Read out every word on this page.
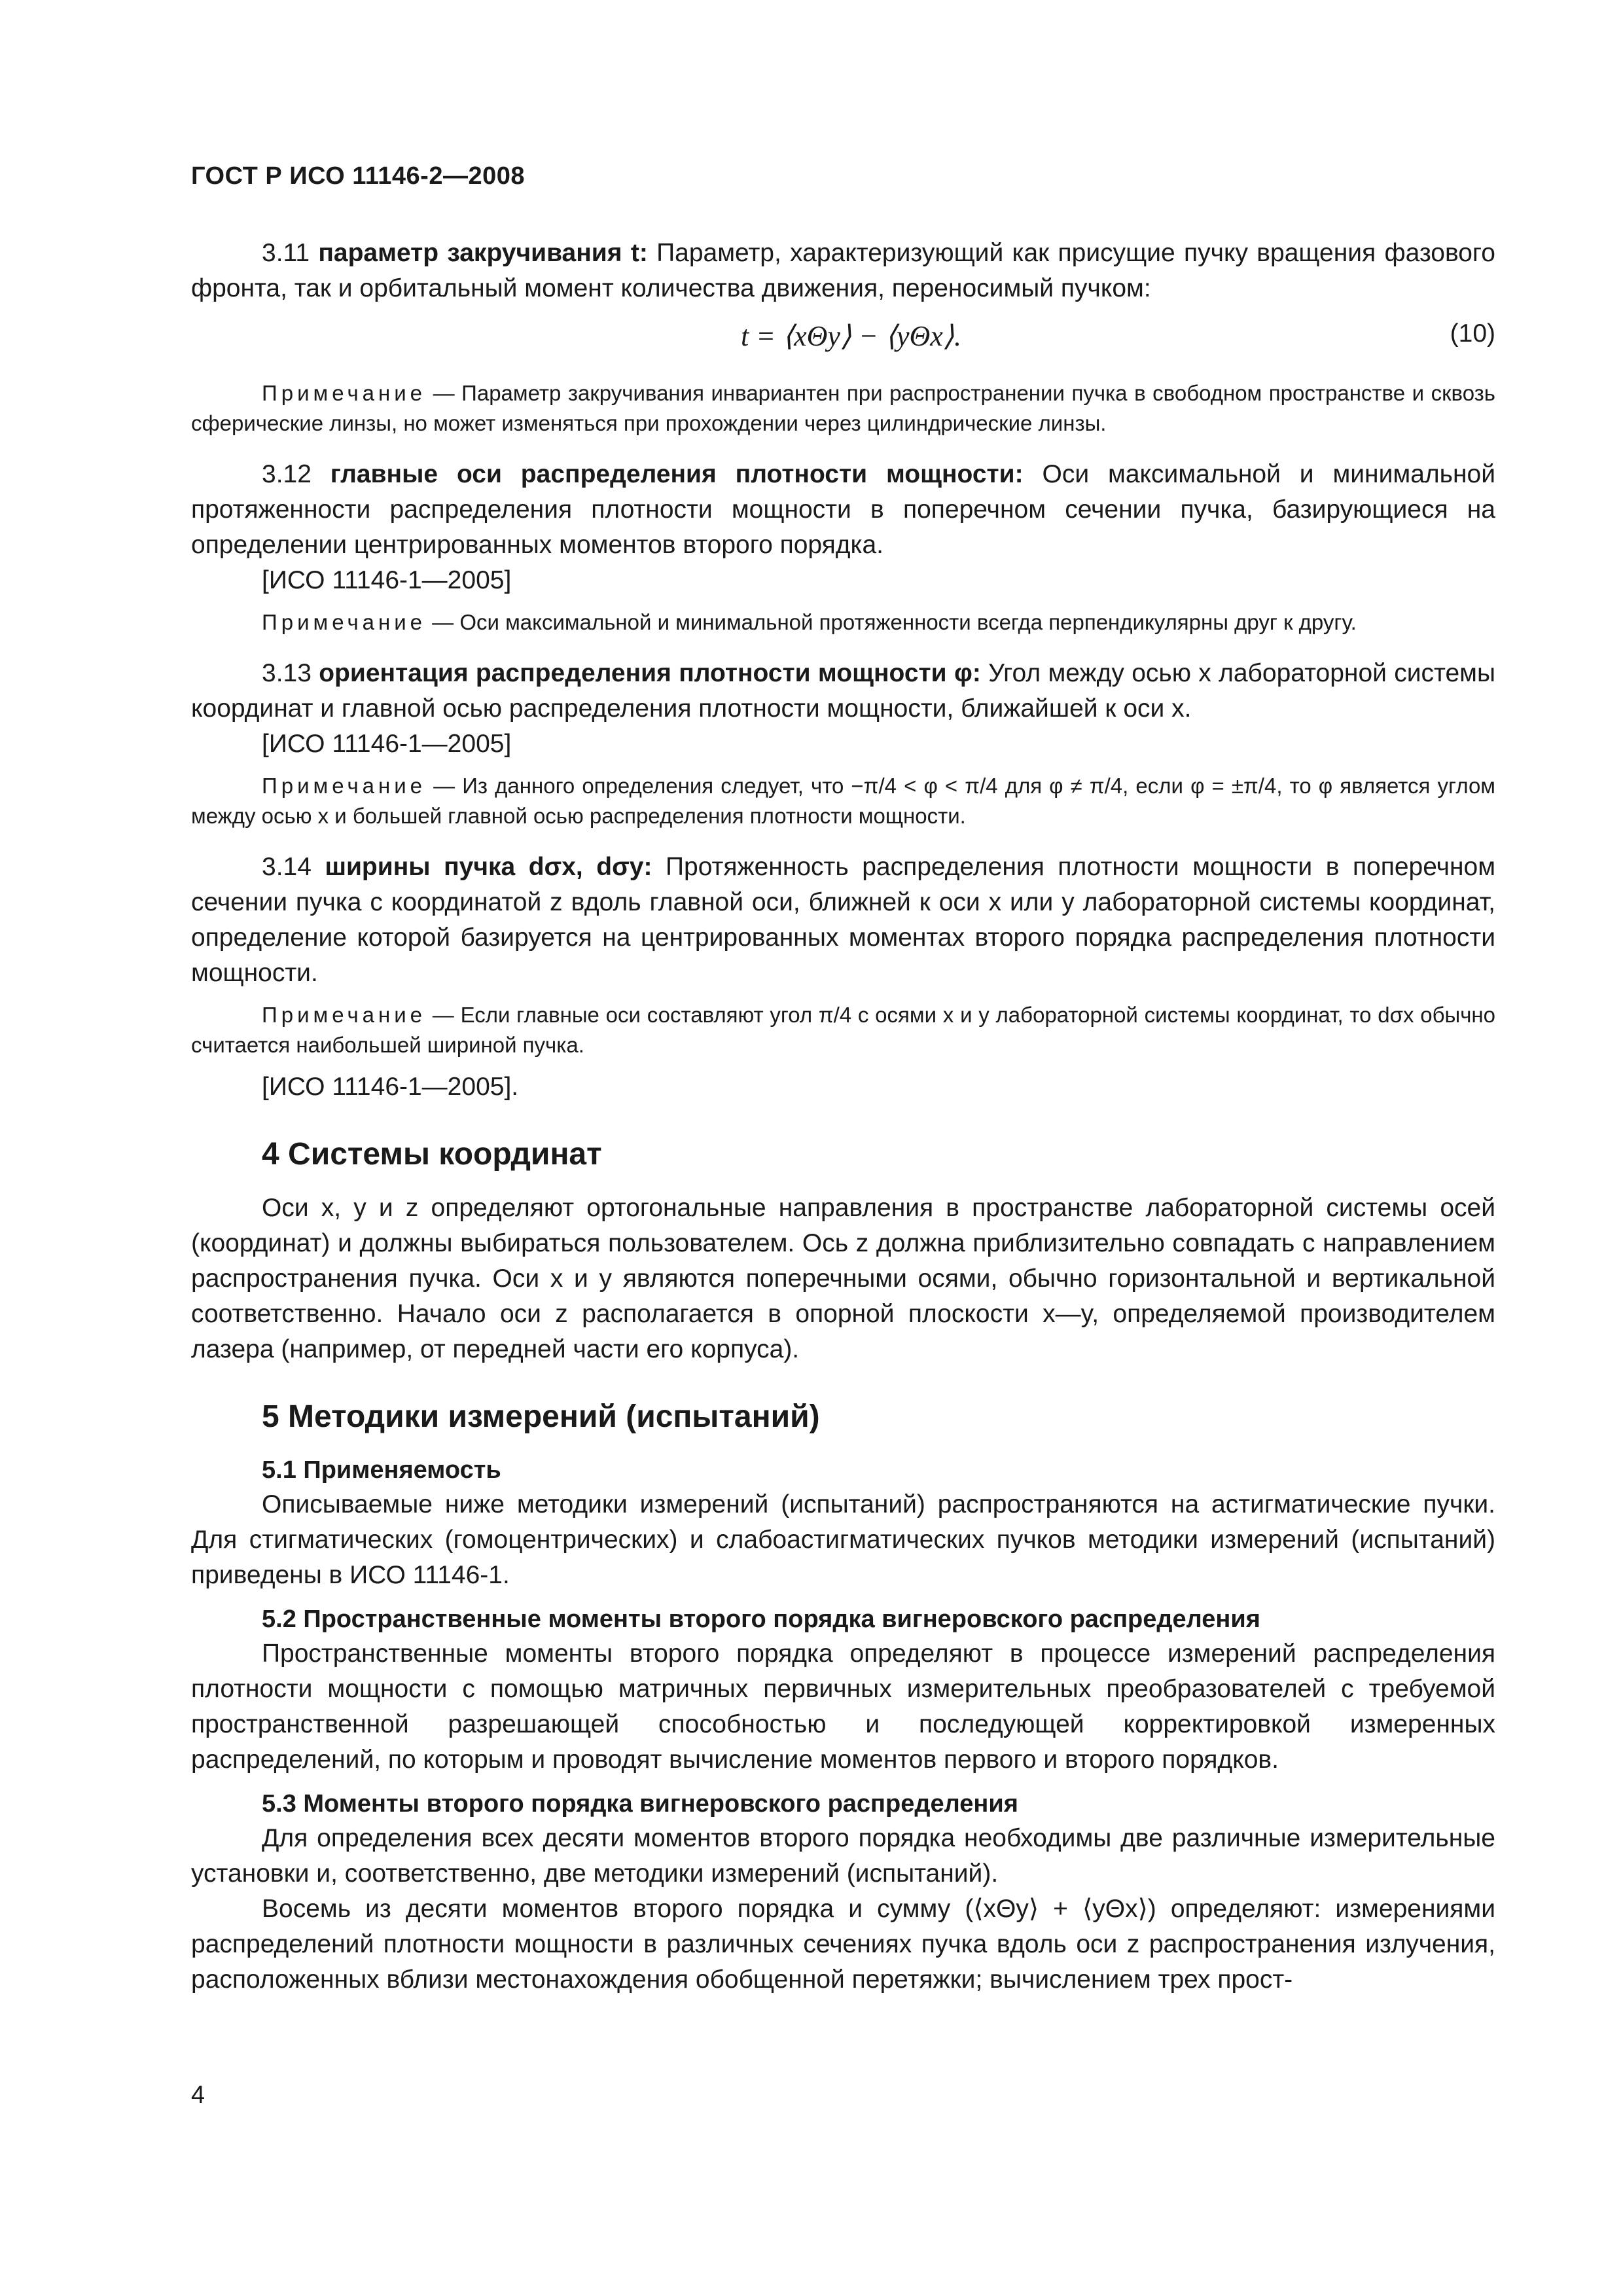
ГОСТ Р ИСО 11146-2—2008

3.11 параметр закручивания t: Параметр, характеризующий как присущие пучку вращения фазового фронта, так и орбитальный момент количества движения, переносимый пучком:

t = ⟨xΘy⟩ − ⟨yΘx⟩.	(10)

Примечание — Параметр закручивания инвариантен при распространении пучка в свободном пространстве и сквозь сферические линзы, но может изменяться при прохождении через цилиндрические линзы.

3.12 главные оси распределения плотности мощности: Оси максимальной и минимальной протяженности распределения плотности мощности в поперечном сечении пучка, базирующиеся на определении центрированных моментов второго порядка.

[ИСО 11146-1—2005]

Примечание — Оси максимальной и минимальной протяженности всегда перпендикулярны друг к другу.

3.13 ориентация распределения плотности мощности φ: Угол между осью x лабораторной системы координат и главной осью распределения плотности мощности, ближайшей к оси x.

[ИСО 11146-1—2005]

Примечание — Из данного определения следует, что −π/4 < φ < π/4 для φ ≠ π/4, если φ = ±π/4, то φ является углом между осью x и большей главной осью распределения плотности мощности.

3.14 ширины пучка dσx, dσy: Протяженность распределения плотности мощности в поперечном сечении пучка с координатой z вдоль главной оси, ближней к оси x или y лабораторной системы координат, определение которой базируется на центрированных моментах второго порядка распределения плотности мощности.

Примечание — Если главные оси составляют угол π/4 с осями x и y лабораторной системы координат, то dσx обычно считается наибольшей шириной пучка.

[ИСО 11146-1—2005].

4 Системы координат

Оси x, y и z определяют ортогональные направления в пространстве лабораторной системы осей (координат) и должны выбираться пользователем. Ось z должна приблизительно совпадать с направлением распространения пучка. Оси x и y являются поперечными осями, обычно горизонтальной и вертикальной соответственно. Начало оси z располагается в опорной плоскости x—y, определяемой производителем лазера (например, от передней части его корпуса).

5 Методики измерений (испытаний)

5.1 Применяемость

Описываемые ниже методики измерений (испытаний) распространяются на астигматические пучки. Для стигматических (гомоцентрических) и слабоастигматических пучков методики измерений (испытаний) приведены в ИСО 11146-1.

5.2 Пространственные моменты второго порядка вигнеровского распределения

Пространственные моменты второго порядка определяют в процессе измерений распределения плотности мощности с помощью матричных первичных измерительных преобразователей с требуемой пространственной разрешающей способностью и последующей корректировкой измеренных распределений, по которым и проводят вычисление моментов первого и второго порядков.

5.3 Моменты второго порядка вигнеровского распределения

Для определения всех десяти моментов второго порядка необходимы две различные измерительные установки и, соответственно, две методики измерений (испытаний).

Восемь из десяти моментов второго порядка и сумму (⟨xΘy⟩ + ⟨yΘx⟩) определяют: измерениями распределений плотности мощности в различных сечениях пучка вдоль оси z распространения излучения, расположенных вблизи местонахождения обобщенной перетяжки; вычислением трех прост-

4
